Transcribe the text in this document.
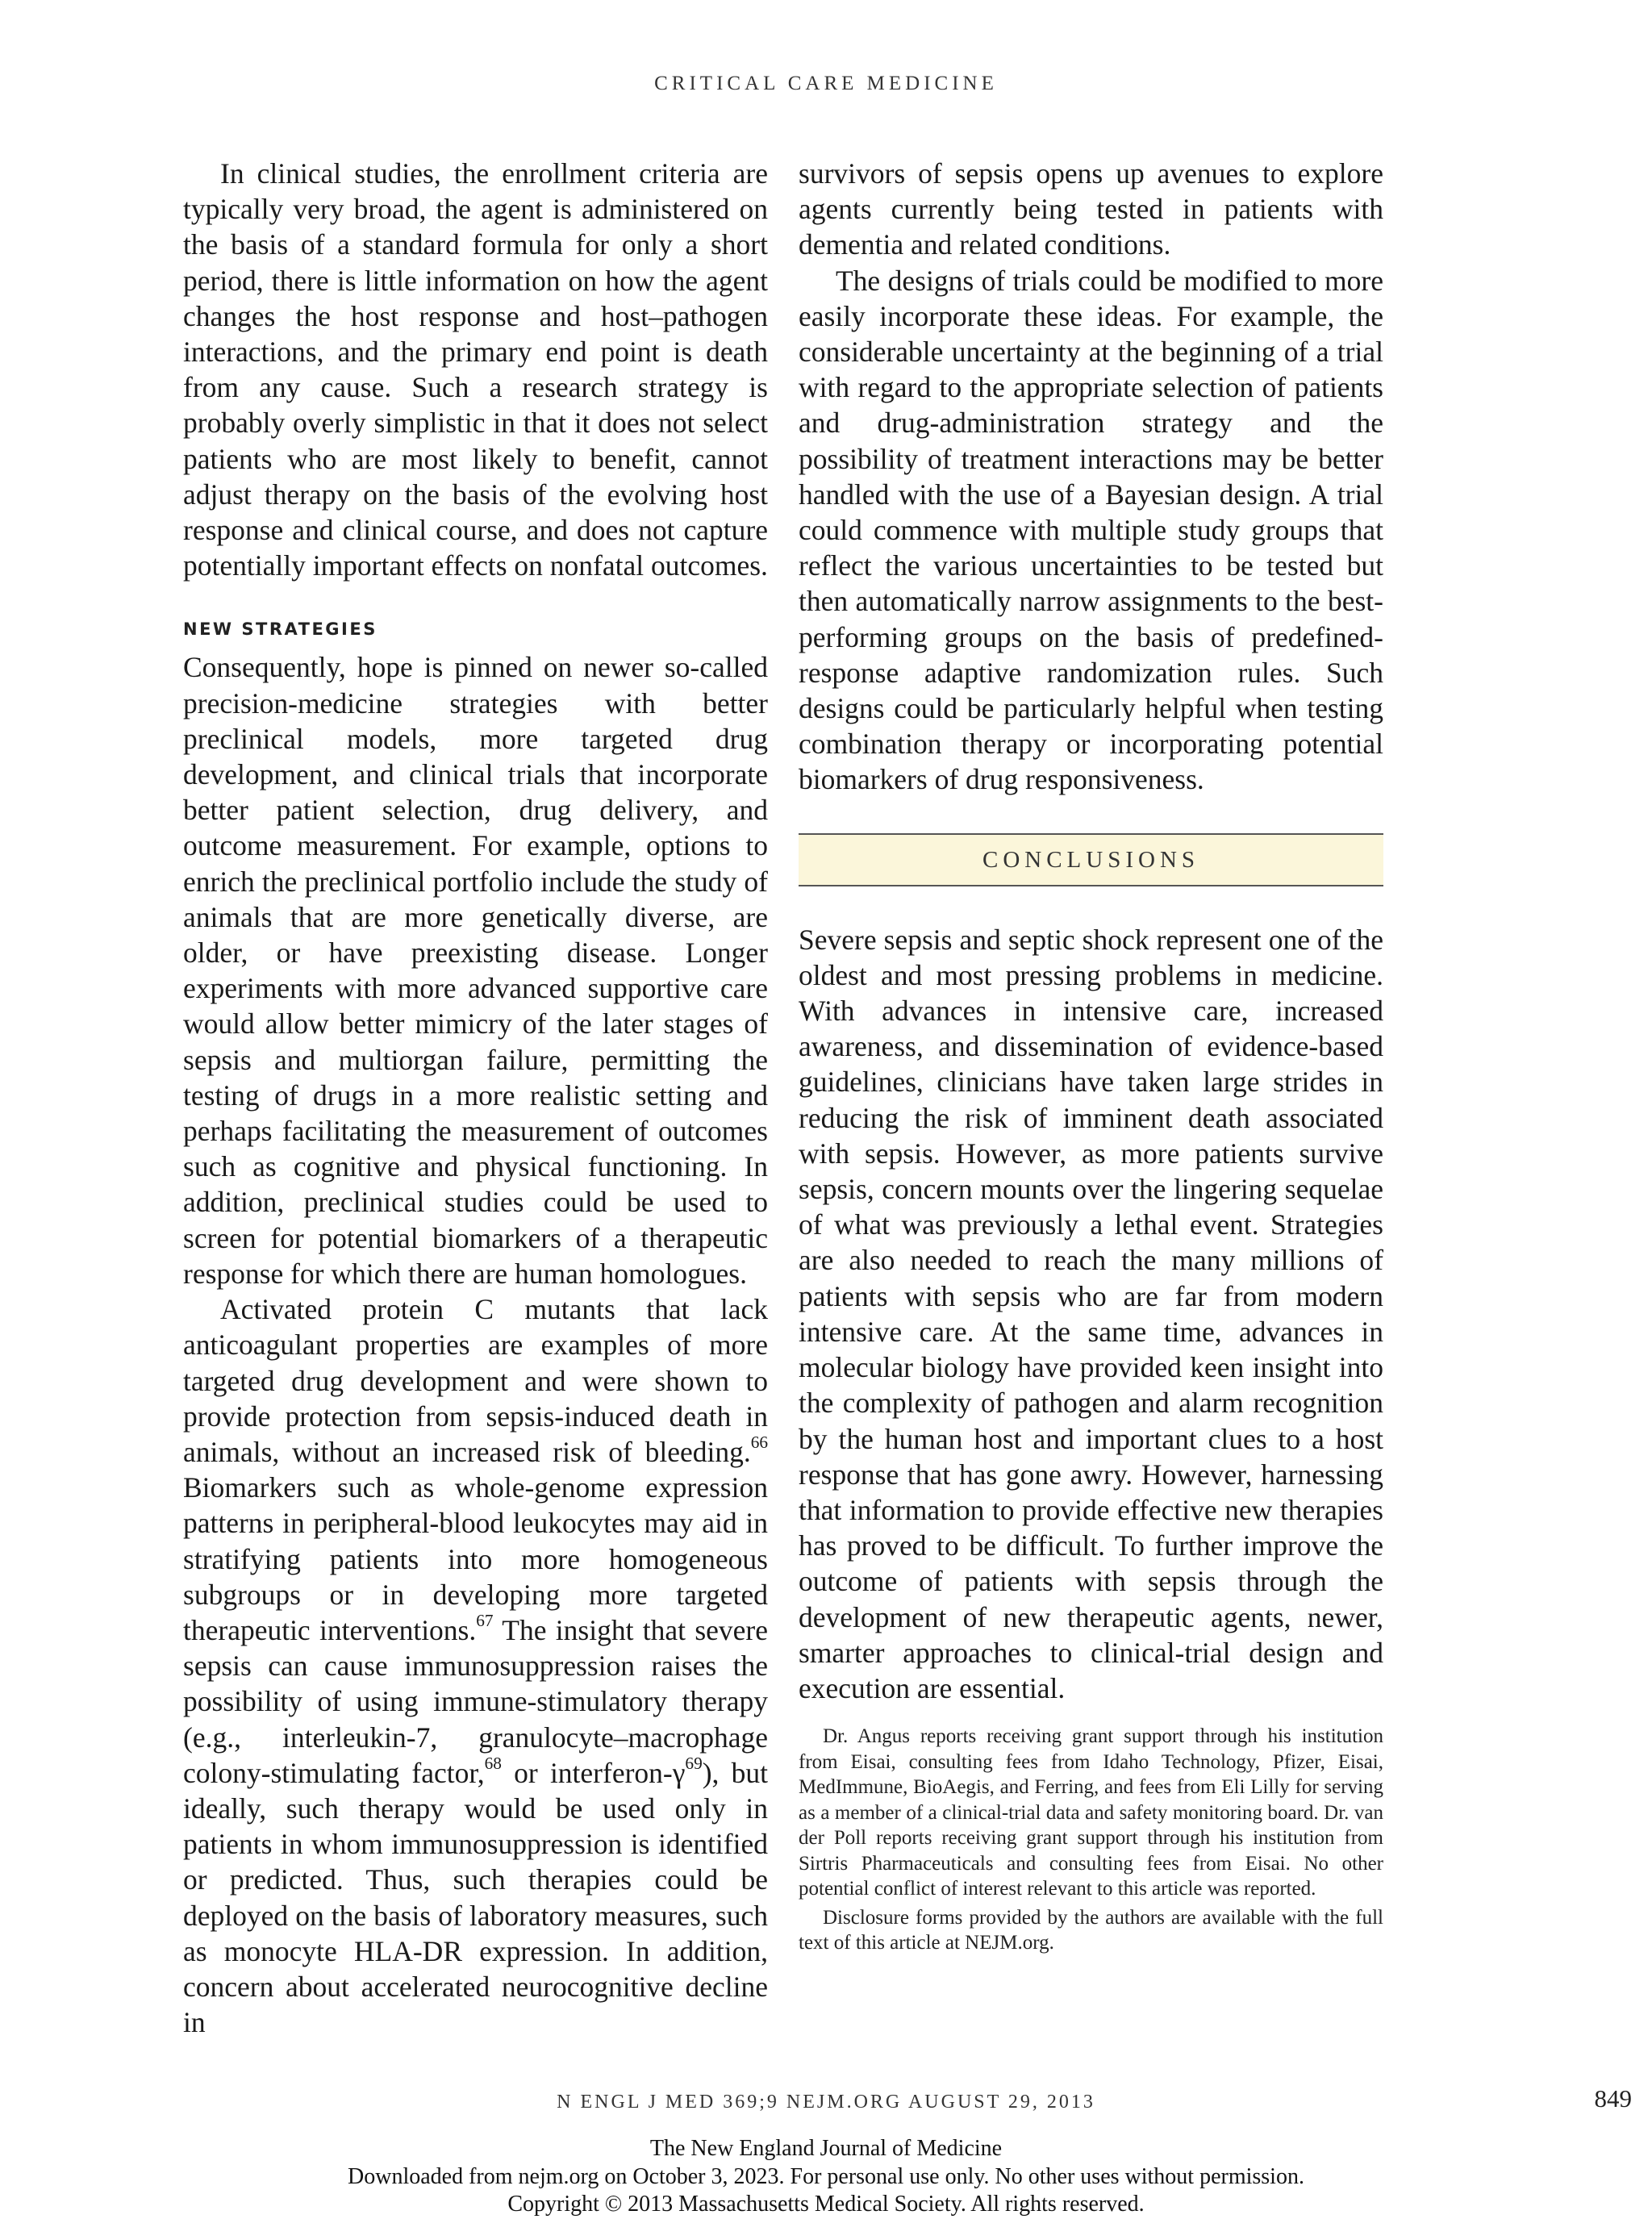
CRITICAL CARE MEDICINE

In clinical studies, the enrollment criteria are typically very broad, the agent is administered on the basis of a standard formula for only a short period, there is little information on how the agent changes the host response and host–pathogen interactions, and the primary end point is death from any cause. Such a research strategy is probably overly simplistic in that it does not select patients who are most likely to benefit, cannot adjust therapy on the basis of the evolving host response and clinical course, and does not capture potentially important effects on nonfatal outcomes.

NEW STRATEGIES

Consequently, hope is pinned on newer so-called precision-medicine strategies with better preclinical models, more targeted drug development, and clinical trials that incorporate better patient selection, drug delivery, and outcome measurement. For example, options to enrich the preclinical portfolio include the study of animals that are more genetically diverse, are older, or have preexisting disease. Longer experiments with more advanced supportive care would allow better mimicry of the later stages of sepsis and multiorgan failure, permitting the testing of drugs in a more realistic setting and perhaps facilitating the measurement of outcomes such as cognitive and physical functioning. In addition, preclinical studies could be used to screen for potential biomarkers of a therapeutic response for which there are human homologues.

Activated protein C mutants that lack anticoagulant properties are examples of more targeted drug development and were shown to provide protection from sepsis-induced death in animals, without an increased risk of bleeding.$^{66}$ Biomarkers such as whole-genome expression patterns in peripheral-blood leukocytes may aid in stratifying patients into more homogeneous subgroups or in developing more targeted therapeutic interventions.$^{67}$ The insight that severe sepsis can cause immunosuppression raises the possibility of using immune-stimulatory therapy (e.g., interleukin-7, granulocyte–macrophage colony-stimulating factor,$^{68}$ or interferon-$\gamma^{69}$), but ideally, such therapy would be used only in patients in whom immunosuppression is identified or predicted. Thus, such therapies could be deployed on the basis of laboratory measures, such as monocyte HLA-DR expression. In addition, concern about accelerated neurocognitive decline in

survivors of sepsis opens up avenues to explore agents currently being tested in patients with dementia and related conditions.

The designs of trials could be modified to more easily incorporate these ideas. For example, the considerable uncertainty at the beginning of a trial with regard to the appropriate selection of patients and drug-administration strategy and the possibility of treatment interactions may be better handled with the use of a Bayesian design. A trial could commence with multiple study groups that reflect the various uncertainties to be tested but then automatically narrow assignments to the best-performing groups on the basis of predefined-response adaptive randomization rules. Such designs could be particularly helpful when testing combination therapy or incorporating potential biomarkers of drug responsiveness.

CONCLUSIONS

Severe sepsis and septic shock represent one of the oldest and most pressing problems in medicine. With advances in intensive care, increased awareness, and dissemination of evidence-based guidelines, clinicians have taken large strides in reducing the risk of imminent death associated with sepsis. However, as more patients survive sepsis, concern mounts over the lingering sequelae of what was previously a lethal event. Strategies are also needed to reach the many millions of patients with sepsis who are far from modern intensive care. At the same time, advances in molecular biology have provided keen insight into the complexity of pathogen and alarm recognition by the human host and important clues to a host response that has gone awry. However, harnessing that information to provide effective new therapies has proved to be difficult. To further improve the outcome of patients with sepsis through the development of new therapeutic agents, newer, smarter approaches to clinical-trial design and execution are essential.

Dr. Angus reports receiving grant support through his institution from Eisai, consulting fees from Idaho Technology, Pfizer, Eisai, MedImmune, BioAegis, and Ferring, and fees from Eli Lilly for serving as a member of a clinical-trial data and safety monitoring board. Dr. van der Poll reports receiving grant support through his institution from Sirtris Pharmaceuticals and consulting fees from Eisai. No other potential conflict of interest relevant to this article was reported.

Disclosure forms provided by the authors are available with the full text of this article at NEJM.org.

N ENGL J MED 369;9 NEJM.ORG AUGUST 29, 2013	849
The New England Journal of Medicine
Downloaded from nejm.org on October 3, 2023. For personal use only. No other uses without permission.
Copyright © 2013 Massachusetts Medical Society. All rights reserved.
